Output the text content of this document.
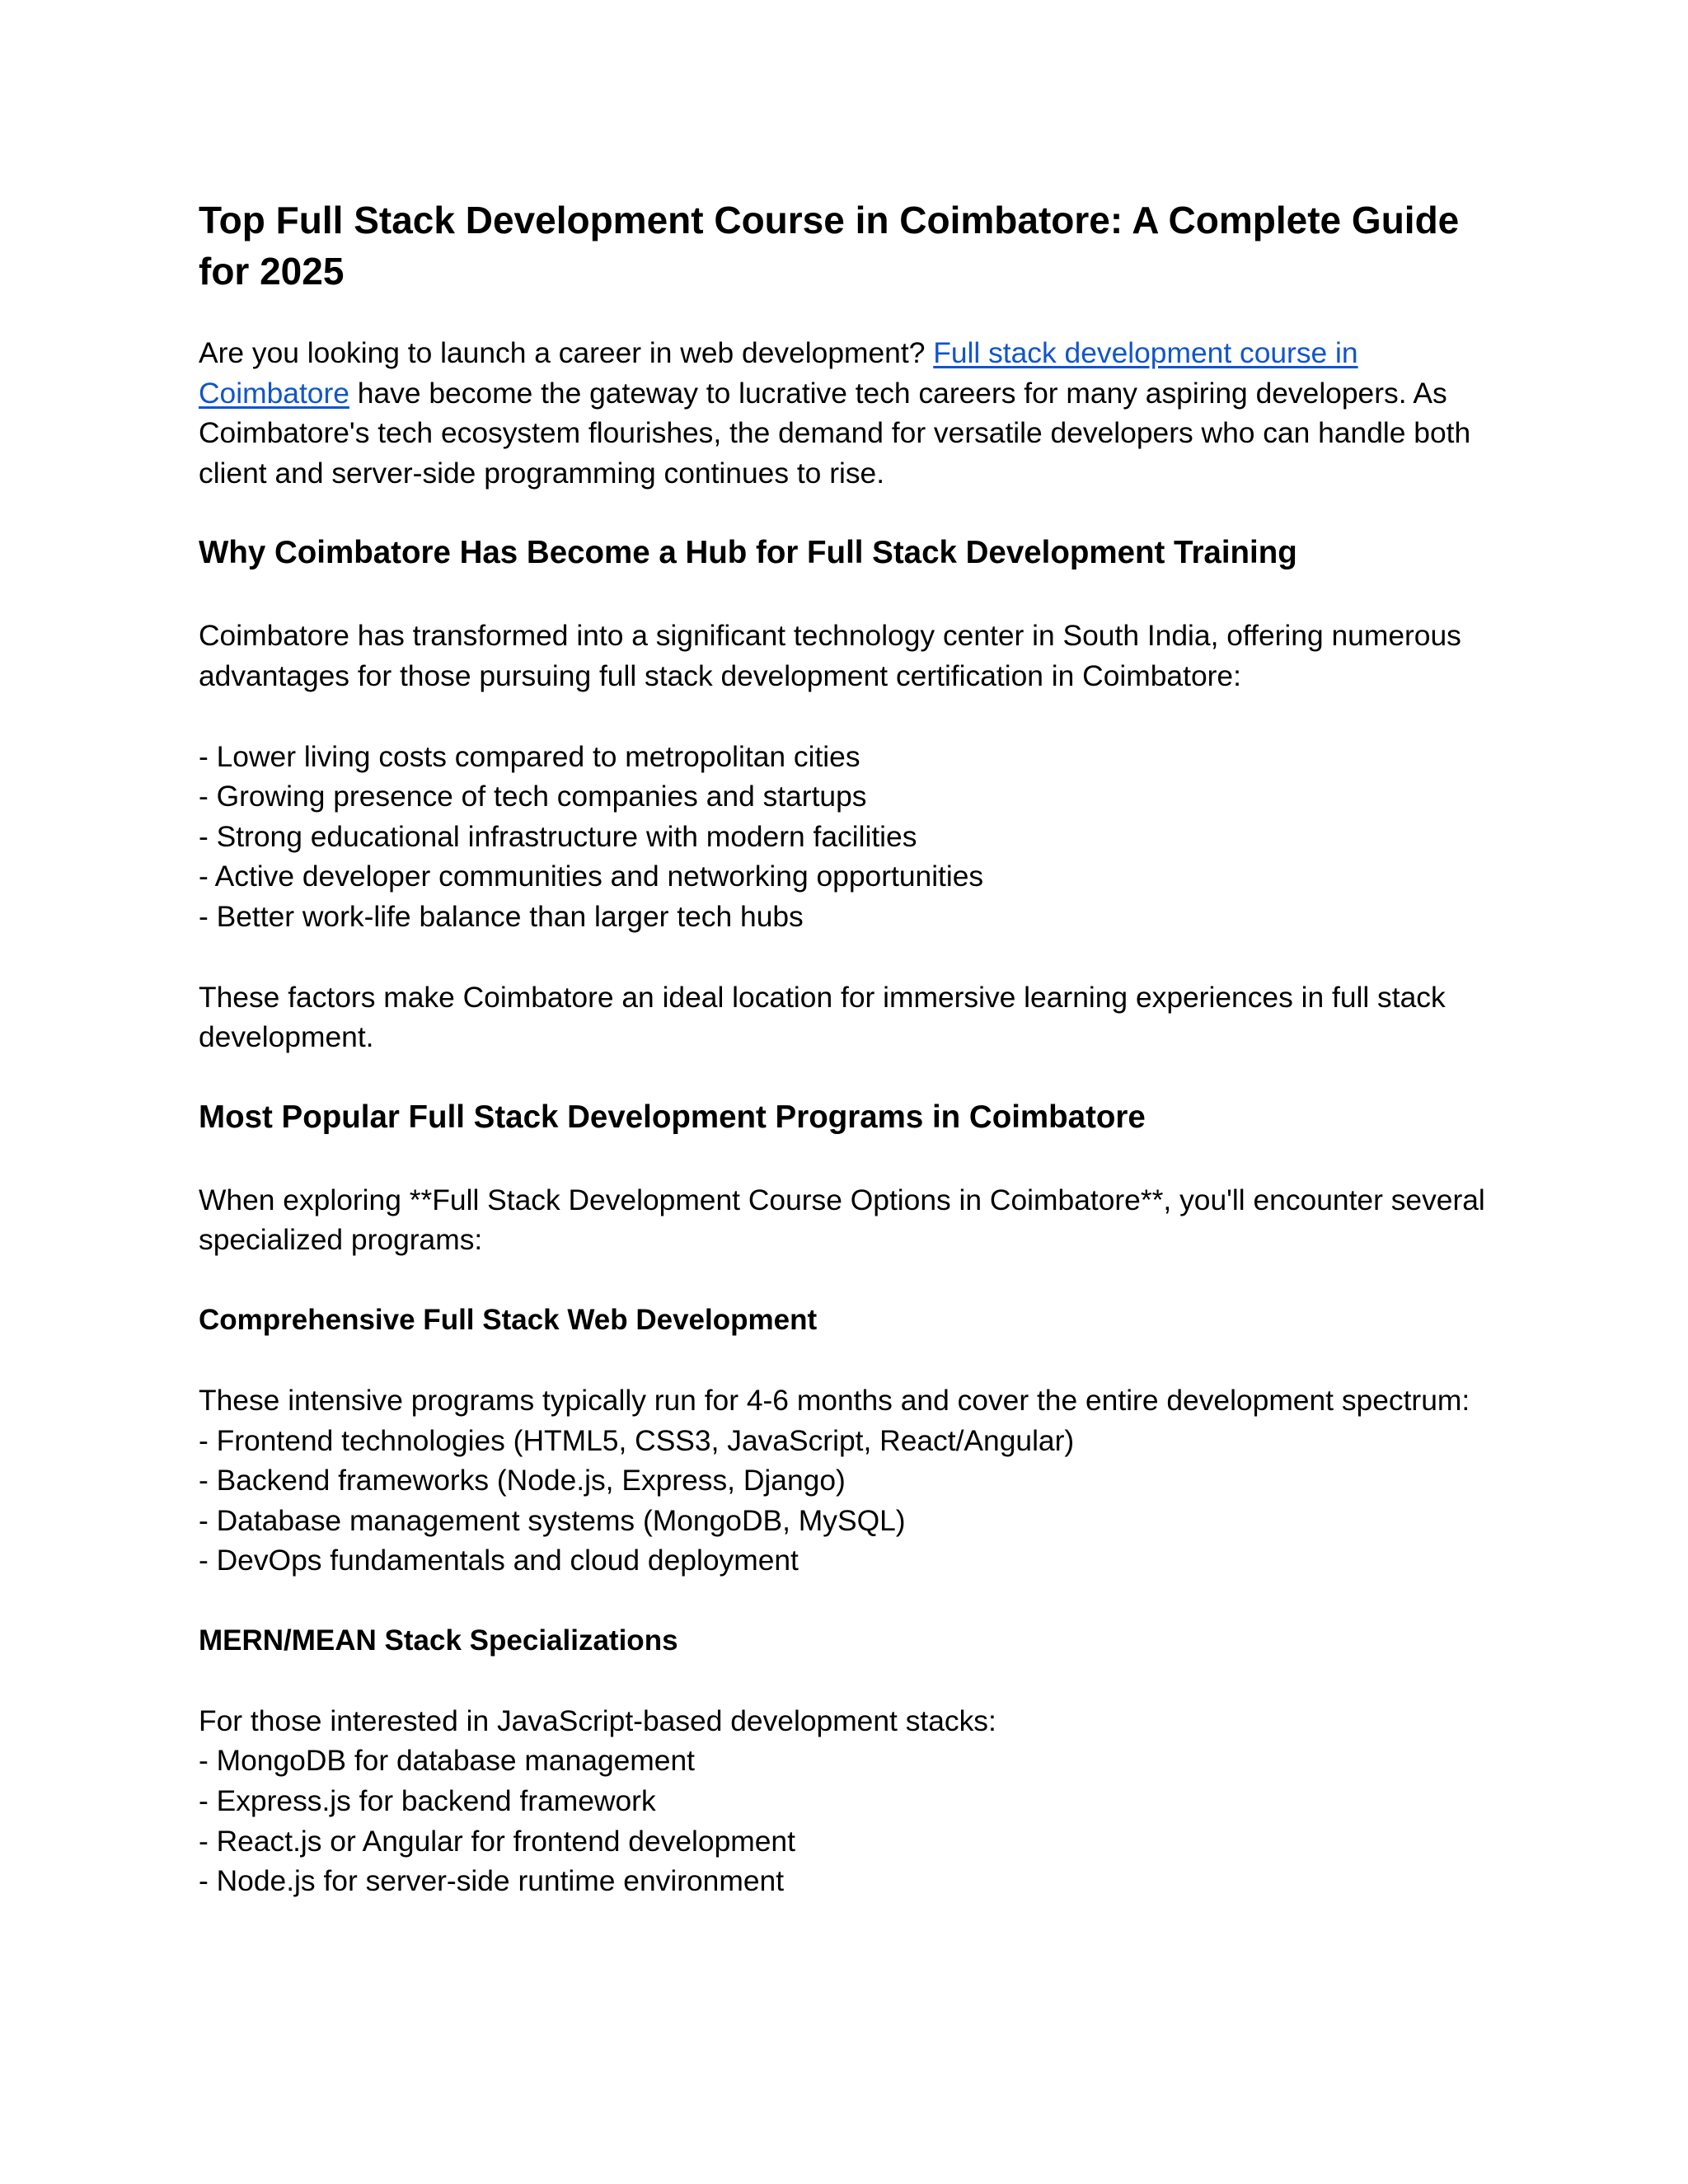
Top Full Stack Development Course in Coimbatore: A Complete Guide for 2025

Are you looking to launch a career in web development? Full stack development course in Coimbatore have become the gateway to lucrative tech careers for many aspiring developers. As Coimbatore's tech ecosystem flourishes, the demand for versatile developers who can handle both client and server-side programming continues to rise.

Why Coimbatore Has Become a Hub for Full Stack Development Training

Coimbatore has transformed into a significant technology center in South India, offering numerous advantages for those pursuing full stack development certification in Coimbatore:

- Lower living costs compared to metropolitan cities
- Growing presence of tech companies and startups
- Strong educational infrastructure with modern facilities
- Active developer communities and networking opportunities
- Better work-life balance than larger tech hubs

These factors make Coimbatore an ideal location for immersive learning experiences in full stack development.

Most Popular Full Stack Development Programs in Coimbatore

When exploring **Full Stack Development Course Options in Coimbatore**, you'll encounter several specialized programs:

Comprehensive Full Stack Web Development

These intensive programs typically run for 4-6 months and cover the entire development spectrum:

- Frontend technologies (HTML5, CSS3, JavaScript, React/Angular)
- Backend frameworks (Node.js, Express, Django)
- Database management systems (MongoDB, MySQL)
- DevOps fundamentals and cloud deployment
MERN/MEAN Stack Specializations

For those interested in JavaScript-based development stacks:

- MongoDB for database management
- Express.js for backend framework
- React.js or Angular for frontend development
- Node.js for server-side runtime environment
